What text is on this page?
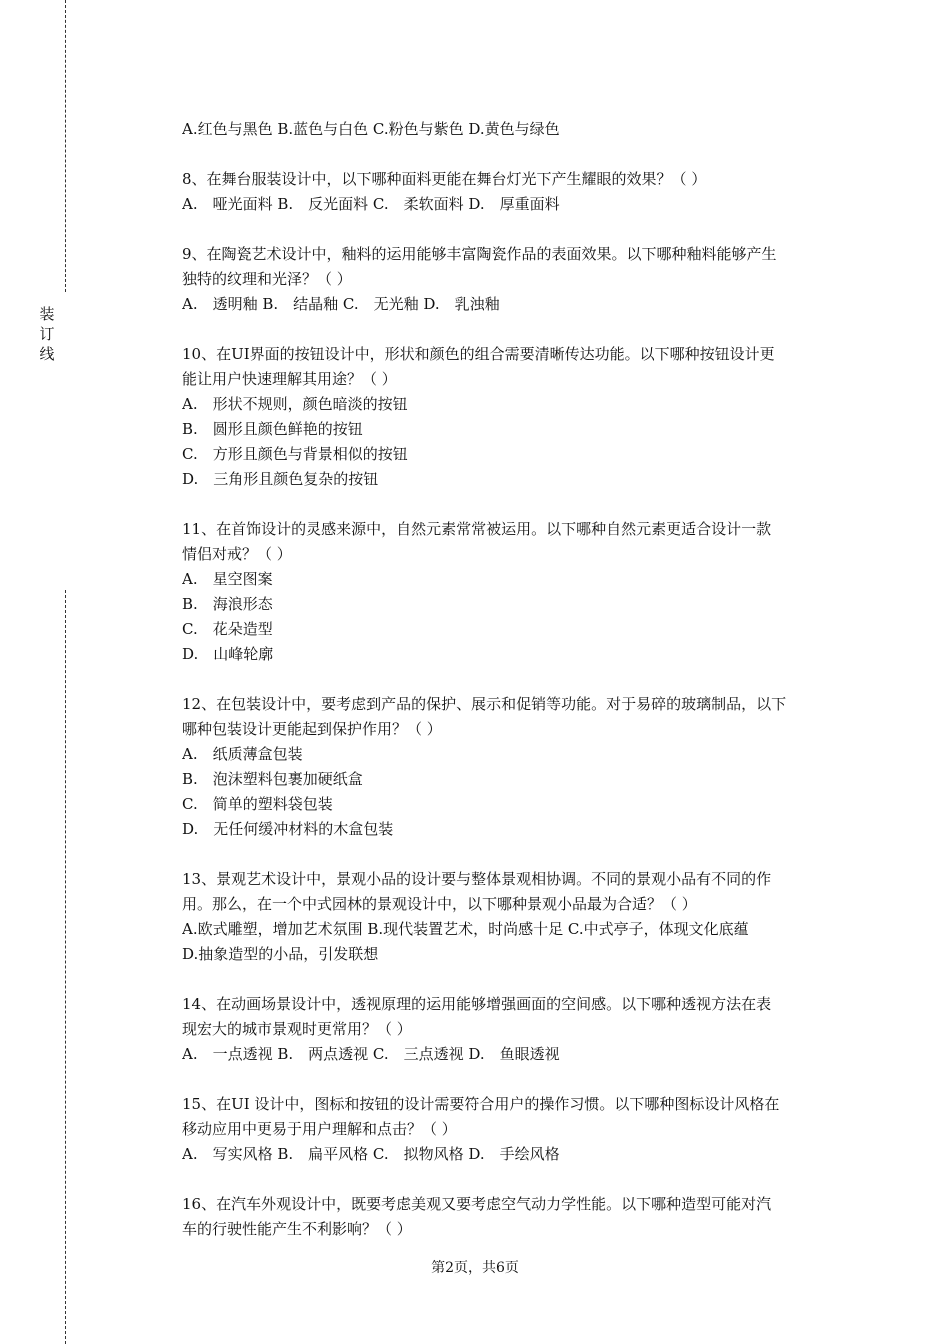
装
订
线
A.红色与黑色 B.蓝色与白色 C.粉色与紫色 D.黄色与绿色
8、在舞台服装设计中，以下哪种面料更能在舞台灯光下产生耀眼的效果？（ ）
A.　哑光面料 B.　反光面料 C.　柔软面料 D.　厚重面料
9、在陶瓷艺术设计中，釉料的运用能够丰富陶瓷作品的表面效果。以下哪种釉料能够产生
独特的纹理和光泽？（ ）
A.　透明釉 B.　结晶釉 C.　无光釉 D.　乳浊釉
10、在UI界面的按钮设计中，形状和颜色的组合需要清晰传达功能。以下哪种按钮设计更
能让用户快速理解其用途？（ ）
A.　形状不规则，颜色暗淡的按钮
B.　圆形且颜色鲜艳的按钮
C.　方形且颜色与背景相似的按钮
D.　三角形且颜色复杂的按钮
11、在首饰设计的灵感来源中，自然元素常常被运用。以下哪种自然元素更适合设计一款
情侣对戒？（ ）
A.　星空图案
B.　海浪形态
C.　花朵造型
D.　山峰轮廓
12、在包装设计中，要考虑到产品的保护、展示和促销等功能。对于易碎的玻璃制品，以下
哪种包装设计更能起到保护作用？（ ）
A.　纸质薄盒包装
B.　泡沫塑料包裹加硬纸盒
C.　简单的塑料袋包装
D.　无任何缓冲材料的木盒包装
13、景观艺术设计中，景观小品的设计要与整体景观相协调。不同的景观小品有不同的作
用。那么，在一个中式园林的景观设计中，以下哪种景观小品最为合适？（ ）
A.欧式雕塑，增加艺术氛围 B.现代装置艺术，时尚感十足 C.中式亭子，体现文化底蕴
D.抽象造型的小品，引发联想
14、在动画场景设计中，透视原理的运用能够增强画面的空间感。以下哪种透视方法在表
现宏大的城市景观时更常用？（ ）
A.　一点透视 B.　两点透视 C.　三点透视 D.　鱼眼透视
15、在UI 设计中，图标和按钮的设计需要符合用户的操作习惯。以下哪种图标设计风格在
移动应用中更易于用户理解和点击？（ ）
A.　写实风格 B.　扁平风格 C.　拟物风格 D.　手绘风格
16、在汽车外观设计中，既要考虑美观又要考虑空气动力学性能。以下哪种造型可能对汽
车的行驶性能产生不利影响？（ ）
第2页，共6页
